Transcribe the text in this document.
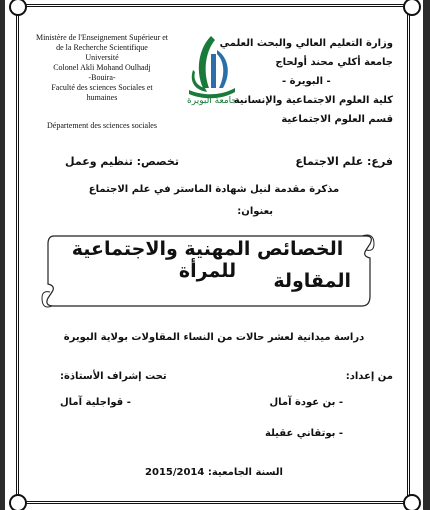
Ministère de l'Enseignement Supérieur et
de la Recherche Scientifique
Université
Colonel Akli Mohand Oulhadj
-Bouira-
Faculté des sciences Sociales et
humaines
Département des sciences sociales
جامعة البويرة
وزارة التعليم العالي والبحث العلمي
جامعة أكلي محند أولحاج
- البويرة -
كلية العلوم الاجتماعية والإنسانية
قسم العلوم الاجتماعية
فرع: علم الاجتماع
تخصص: تنظيم وعمل
مذكرة مقدمة لنيل شهادة الماستر في علم الاجتماع
بعنوان:
الخصائص المهنية والاجتماعية للمرأة	المقاولة
دراسة ميدانية لعشر حالات من النساء المقاولات بولاية البويرة
من إعداد:
تحت إشراف الأستاذة:
- بن عودة آمال
- قواجلية آمال
- بوتقاني عقيلة
السنة الجامعية: 2015/2014
